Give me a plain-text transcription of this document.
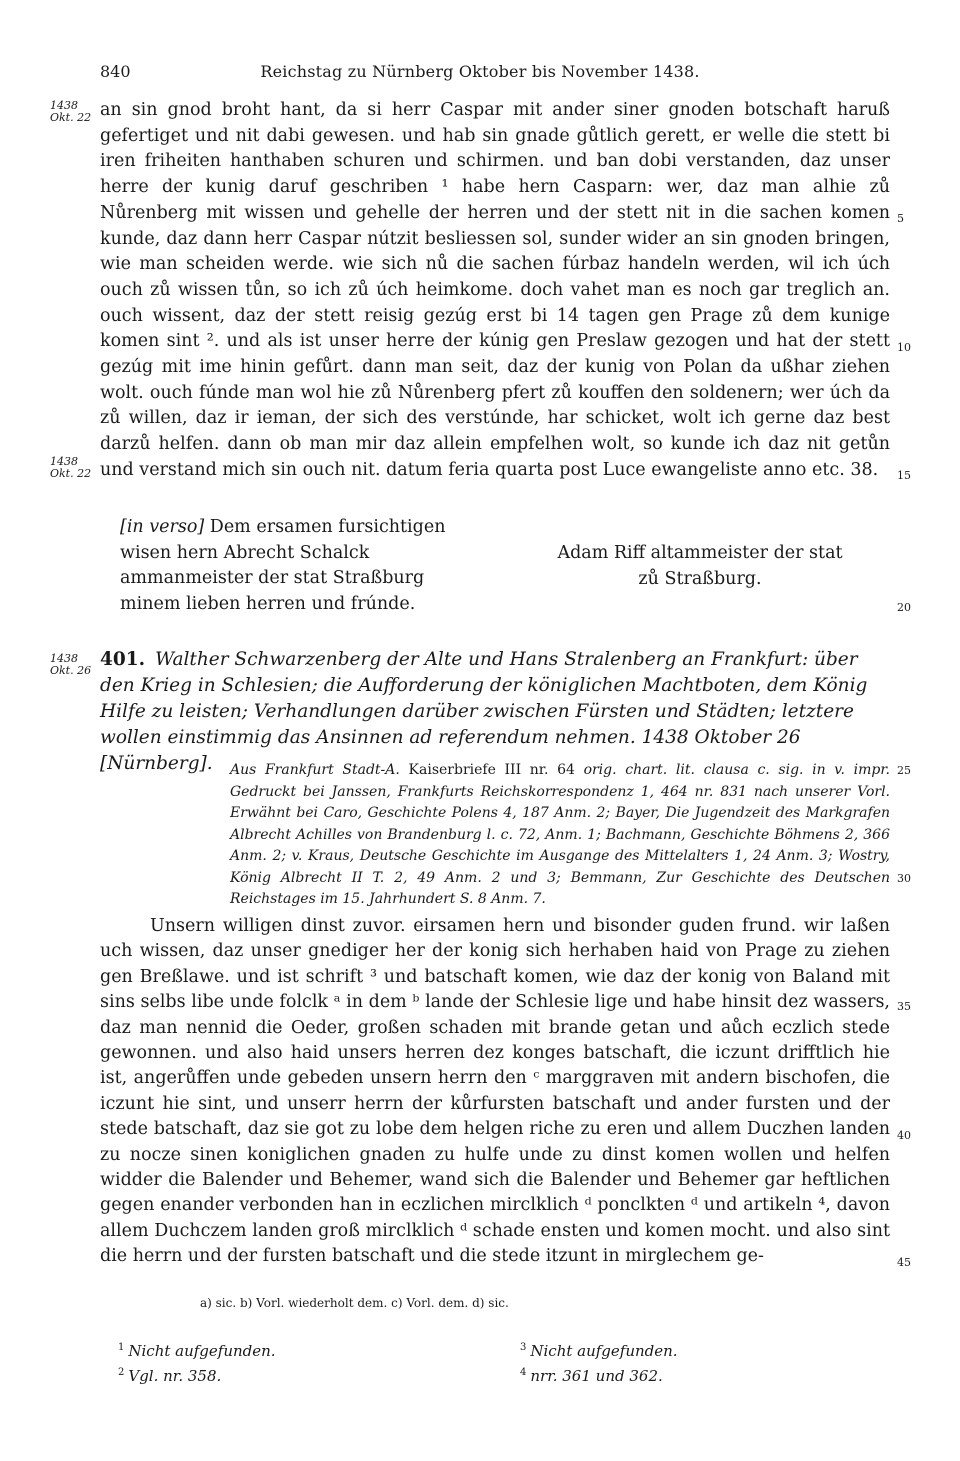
840	Reichstag zu Nürnberg Oktober bis November 1438.
1438
Okt. 22
1438
Okt. 22
1438
Okt. 26
5
10
15
20
25
30
35
40
45

an sin gnod broht hant, da si herr Caspar mit ander siner gnoden botschaft haruß gefertiget und nit dabi gewesen. und hab sin gnade gůtlich gerett, er welle die stett bi iren friheiten hanthaben schuren und schirmen. und ban dobi verstanden, daz unser herre der kunig daruf geschriben ¹ habe hern Casparn: wer, daz man alhie zů Nůrenberg mit wissen und gehelle der herren und der stett nit in die sachen komen kunde, daz dann herr Caspar nútzit besliessen sol, sunder wider an sin gnoden bringen, wie man scheiden werde. wie sich nů die sachen fúrbaz handeln werden, wil ich úch ouch zů wissen tůn, so ich zů úch heimkome. doch vahet man es noch gar treglich an. ouch wissent, daz der stett reisig gezúg erst bi 14 tagen gen Prage zů dem kunige komen sint ². und als ist unser herre der kúnig gen Preslaw gezogen und hat der stett gezúg mit ime hinin gefůrt. dann man seit, daz der kunig von Polan da ußhar ziehen wolt. ouch fúnde man wol hie zů Nůrenberg pfert zů kouffen den soldenern; wer úch da zů willen, daz ir ieman, der sich des verstúnde, har schicket, wolt ich gerne daz best darzů helfen. dann ob man mir daz allein empfelhen wolt, so kunde ich daz nit getůn und verstand mich sin ouch nit. datum feria quarta post Luce ewangeliste anno etc. 38.

[in verso] Dem ersamen fursichtigen wisen hern Abrecht Schalck ammanmeister der stat Straßburg minem lieben herren und frúnde.
Adam Riff altammeister der stat zů Straßburg.
401. Walther Schwarzenberg der Alte und Hans Stralenberg an Frankfurt: über den Krieg in Schlesien; die Aufforderung der königlichen Machtboten, dem König Hilfe zu leisten; Verhandlungen darüber zwischen Fürsten und Städten; letztere wollen einstimmig das Ansinnen ad referendum nehmen. 1438 Oktober 26 [Nürnberg].	Aus Frankfurt Stadt-A. Kaiserbriefe III nr. 64 orig. chart. lit. clausa c. sig. in v. impr. Gedruckt bei Janssen, Frankfurts Reichskorrespondenz 1, 464 nr. 831 nach unserer Vorl. Erwähnt bei Caro, Geschichte Polens 4, 187 Anm. 2; Bayer, Die Jugendzeit des Markgrafen Albrecht Achilles von Brandenburg l. c. 72, Anm. 1; Bachmann, Geschichte Böhmens 2, 366 Anm. 2; v. Kraus, Deutsche Geschichte im Ausgange des Mittelalters 1, 24 Anm. 3; Wostry, König Albrecht II T. 2, 49 Anm. 2 und 3; Bemmann, Zur Geschichte des Deutschen Reichstages im 15. Jahrhundert S. 8 Anm. 7.

Unsern willigen dinst zuvor. eirsamen hern und bisonder guden frund. wir laßen uch wissen, daz unser gnediger her der konig sich herhaben haid von Prage zu ziehen gen Breßlawe. und ist schrift ³ und batschaft komen, wie daz der konig von Baland mit sins selbs libe unde folclk ᵃ in dem ᵇ lande der Schlesie lige und habe hinsit dez wassers, daz man nennid die Oeder, großen schaden mit brande getan und aůch eczlich stede gewonnen. und also haid unsers herren dez konges batschaft, die iczunt drifftlich hie ist, angerůffen unde gebeden unsern herrn den ᶜ marggraven mit andern bischofen, die iczunt hie sint, und unserr herrn der kůrfursten batschaft und ander fursten und der stede batschaft, daz sie got zu lobe dem helgen riche zu eren und allem Duczhen landen zu nocze sinen koniglichen gnaden zu hulfe unde zu dinst komen wollen und helfen widder die Balender und Behemer, wand sich die Balender und Behemer gar heftlichen gegen enander verbonden han in eczlichen mirclklich ᵈ ponclkten ᵈ und artikeln ⁴, davon allem Duchczem landen groß mirclklich ᵈ schade ensten und komen mocht. und also sint die herrn und der fursten batschaft und die stede itzunt in mirglechem ge-

a) sic. b) Vorl. wiederholt dem. c) Vorl. dem. d) sic.
$^1$ Nicht aufgefunden.
$^2$ Vgl. nr. 358.
$^3$ Nicht aufgefunden.
$^4$ nrr. 361 und 362.
